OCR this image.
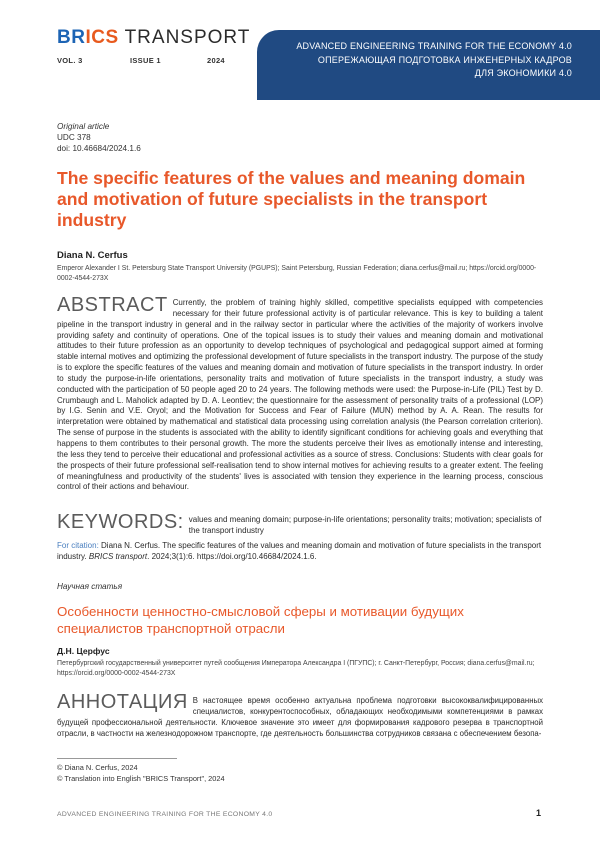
BRICS TRANSPORT
VOL. 3	ISSUE 1	2024
ADVANCED ENGINEERING TRAINING FOR THE ECONOMY 4.0
ОПЕРЕЖАЮЩАЯ ПОДГОТОВКА ИНЖЕНЕРНЫХ КАДРОВ
ДЛЯ ЭКОНОМИКИ 4.0
Original article
UDC 378
doi: 10.46684/2024.1.6
The specific features of the values and meaning domain and motivation of future specialists in the transport industry
Diana N. Cerfus
Emperor Alexander I St. Petersburg State Transport University (PGUPS); Saint Petersburg, Russian Federation; diana.cerfus@mail.ru; https://orcid.org/0000-0002-4544-273X
ABSTRACT Currently, the problem of training highly skilled, competitive specialists equipped with competencies necessary for their future professional activity is of particular relevance. This is key to building a talent pipeline in the transport industry in general and in the railway sector in particular where the activities of the majority of workers involve providing safety and continuity of operations. One of the topical issues is to study their values and meaning domain and motivational attitudes to their future profession as an opportunity to develop techniques of psychological and pedagogical support aimed at forming stable internal motives and optimizing the professional development of future specialists in the transport industry. The purpose of the study is to explore the specific features of the values and meaning domain and motivation of future specialists in the transport industry. In order to study the purpose-in-life orientations, personality traits and motivation of future specialists in the transport industry, a study was conducted with the participation of 50 people aged 20 to 24 years. The following methods were used: the Purpose-in-Life (PIL) Test by D. Crumbaugh and L. Maholick adapted by D. A. Leontiev; the questionnaire for the assessment of personality traits of a professional (LOP) by I.G. Senin and V.E. Oryol; and the Motivation for Success and Fear of Failure (MUN) method by A. A. Rean. The results for interpretation were obtained by mathematical and statistical data processing using correlation analysis (the Pearson correlation criterion). The sense of purpose in the students is associated with the ability to identify significant conditions for achieving goals and everything that happens to them contributes to their personal growth. The more the students perceive their lives as emotionally intense and interesting, the less they tend to perceive their educational and professional activities as a source of stress. Conclusions: Students with clear goals for the prospects of their future professional self-realisation tend to show internal motives for achieving results to a greater extent. The feeling of meaningfulness and productivity of the students' lives is associated with tension they experience in the learning process, conscious control of their actions and behaviour.
KEYWORDS: values and meaning domain; purpose-in-life orientations; personality traits; motivation; specialists of the transport industry
For citation: Diana N. Cerfus. The specific features of the values and meaning domain and motivation of future specialists in the transport industry. BRICS transport. 2024;3(1):6. https://doi.org/10.46684/2024.1.6.
Научная статья
Особенности ценностно-смысловой сферы и мотивации будущих специалистов транспортной отрасли
Д.Н. Церфус
Петербургский государственный университет путей сообщения Императора Александра I (ПГУПС); г. Санкт-Петербург, Россия; diana.cerfus@mail.ru; https://orcid.org/0000-0002-4544-273X
АННОТАЦИЯ В настоящее время особенно актуальна проблема подготовки высококвалифицированных специалистов, конкурентоспособных, обладающих необходимыми компетенциями в рамках будущей профессиональной деятельности. Ключевое значение это имеет для формирования кадрового резерва в транспортной отрасли, в частности на железнодорожном транспорте, где деятельность большинства сотрудников связана с обеспечением безопа-
© Diana N. Cerfus, 2024
© Translation into English "BRICS Transport", 2024
ADVANCED ENGINEERING TRAINING FOR THE ECONOMY 4.0	1
